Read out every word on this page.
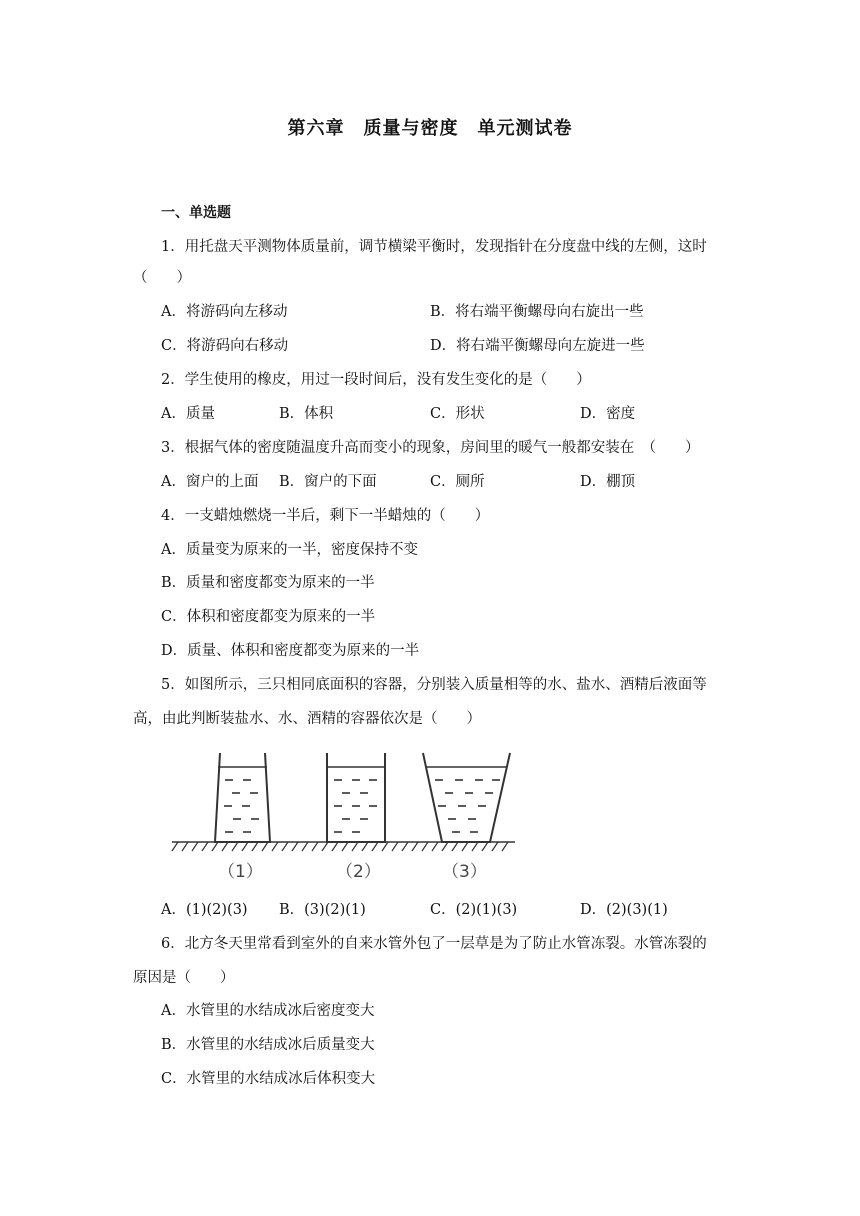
第六章　质量与密度　单元测试卷
一、单选题
1．用托盘天平测物体质量前，调节横梁平衡时，发现指针在分度盘中线的左侧，这时
（　　）
A．将游码向左移动	B．将右端平衡螺母向右旋出一些
C．将游码向右移动	D．将右端平衡螺母向左旋进一些
2．学生使用的橡皮，用过一段时间后，没有发生变化的是（　　）
A．质量	B．体积	C．形状	D．密度
3．根据气体的密度随温度升高而变小的现象，房间里的暖气一般都安装在　（　　）
A．窗户的上面 B．窗户的下面	C．厕所	D．棚顶
4．一支蜡烛燃烧一半后，剩下一半蜡烛的（　　）
A．质量变为原来的一半，密度保持不变
B．质量和密度都变为原来的一半
C．体积和密度都变为原来的一半
D．质量、体积和密度都变为原来的一半
5．如图所示，三只相同底面积的容器，分别装入质量相等的水、盐水、酒精后液面等
高，由此判断装盐水、水、酒精的容器依次是（　　）
（1）	（2）	（3）
A．(1)(2)(3) B．(3)(2)(1)	C．(2)(1)(3)	D．(2)(3)(1)
6．北方冬天里常看到室外的自来水管外包了一层草是为了防止水管冻裂。水管冻裂的
原因是（　　）
A．水管里的水结成冰后密度变大
B．水管里的水结成冰后质量变大
C．水管里的水结成冰后体积变大
